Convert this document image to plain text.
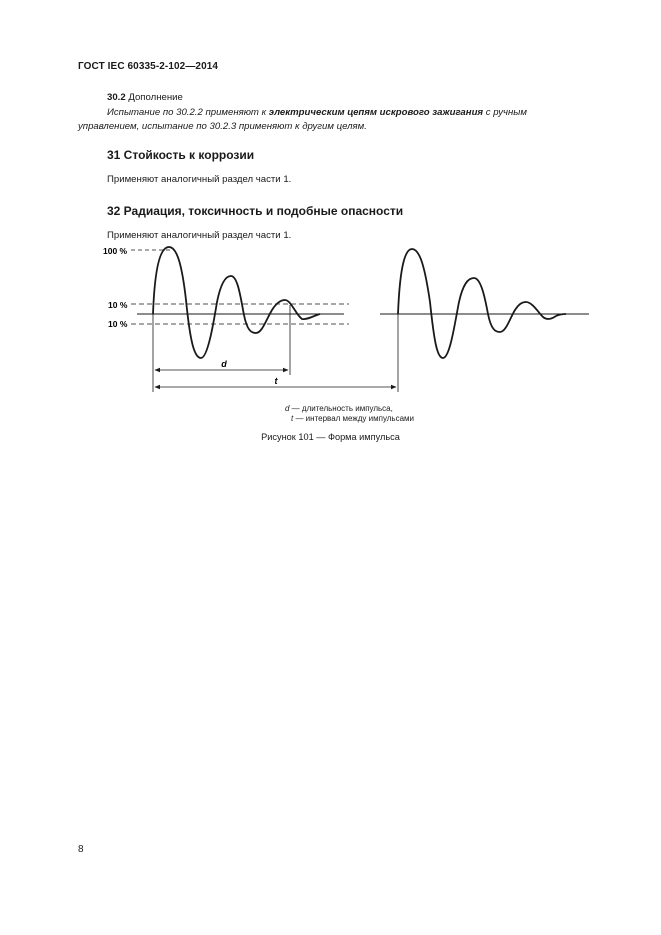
ГОСТ IEC 60335-2-102—2014
30.2 Дополнение
Испытание по 30.2.2 применяют к электрическим цепям искрового зажигания с ручным
управлением, испытание по 30.2.3 применяют к другим целям.
31 Стойкость к коррозии
Применяют аналогичный раздел части 1.
32 Радиация, токсичность и подобные опасности
Применяют аналогичный раздел части 1.
100 %
10 %
10 %
d
t
d — длительность импульса,
t — интервал между импульсами
Рисунок 101 — Форма импульса
8
